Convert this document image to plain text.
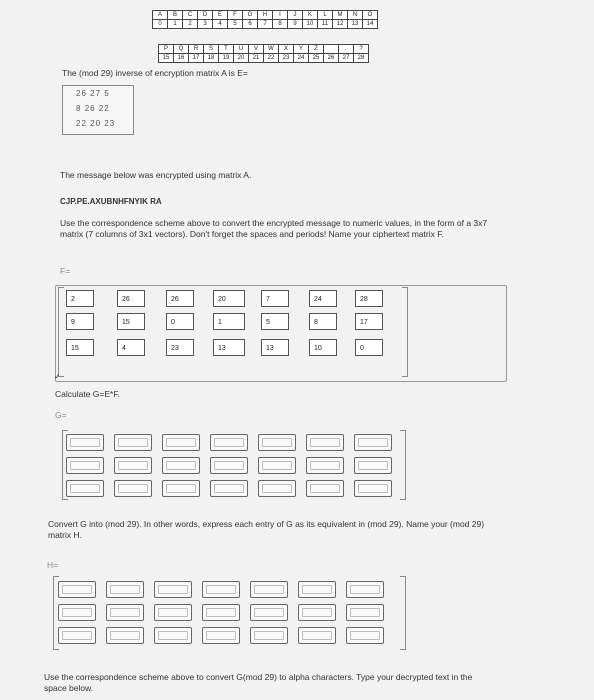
A	B	C	D	E	F	G	H	I	J	K	L	M	N	O
0	1	2	3	4	5	6	7	8	9	10	11	12	13	14
P	Q	R	S	T	U	V	W	X	Y	Z		.	?
15	16	17	18	19	20	21	22	23	24	25	26	27	28
The (mod 29) inverse of encryption matrix A is E=
26 27 5
8 26 22
22 20 23
The message below was encrypted using matrix A.
CJP.PE.AXUBNHFNYIK RA
Use the correspondence scheme above to convert the encrypted message to numeric values, in the form of a 3x7 matrix (7 columns of 3x1 vectors). Don't forget the spaces and periods! Name your ciphertext matrix F.
F=
2	26	26	20	7	24	28
9	15	0	1	5	8	17
15	4	23	13	13	10	0
✓
Calculate G=E*F.
G=
Convert G into (mod 29). In other words, express each entry of G as its equivalent in (mod 29). Name your (mod 29) matrix H.
H=
Use the correspondence scheme above to convert G(mod 29) to alpha characters. Type your decrypted text in the space below.
